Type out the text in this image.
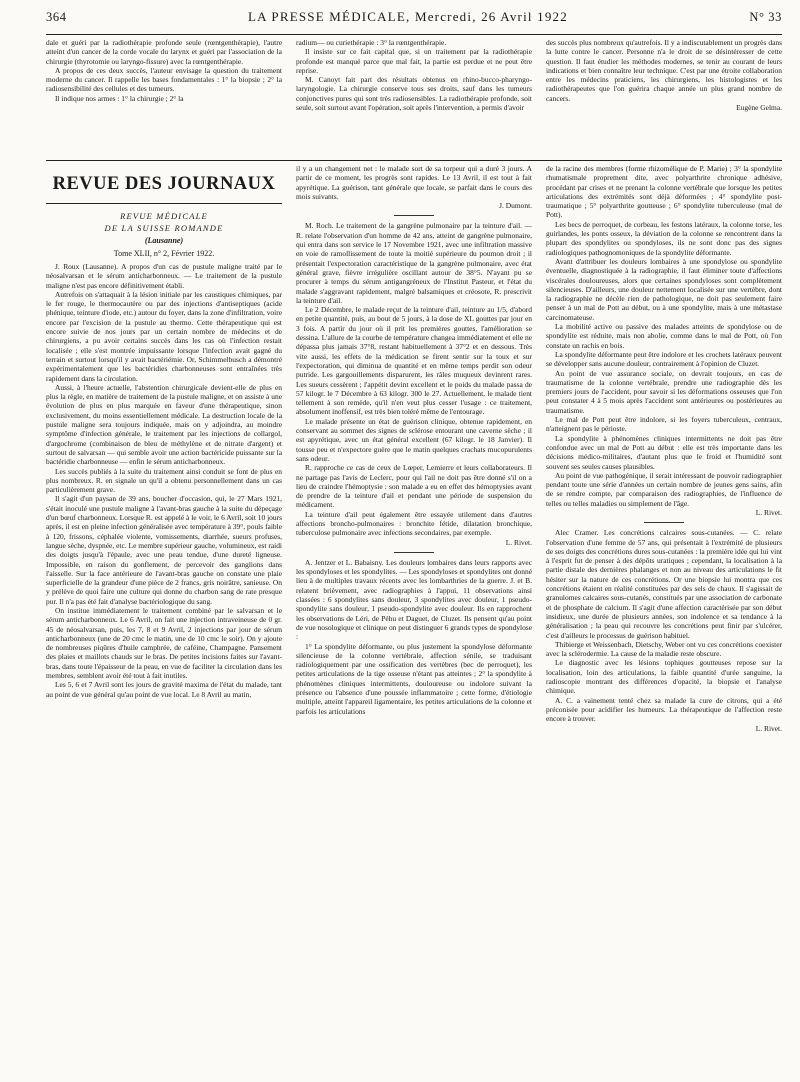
364	LA PRESSE MÉDICALE, Mercredi, 26 Avril 1922	N° 33

dale et guéri par la radiothérapie profonde seule (rœntgenthérapie), l'autre atteint d'un cancer de la corde vocale du larynx et guéri par l'association de la chirurgie (thyrotomie ou laryngo-fissure) avec la rœntgenthérapie.

A propos de ces deux succès, l'auteur envisage la question du traitement moderne du cancer. Il rappelle les bases fondamentales : 1° la biopsie ; 2° la radiosensibilité des cellules et des tumeurs.

Il indique nos armes : 1° la chirurgie ; 2° la

radium— ou curiethérapie : 3° la rœntgenthérapie.

Il insiste sur ce fait capital que, si un traitement par la radiothérapie profonde est manqué parce que mal fait, la partie est perdue et ne peut être reprise.

M. Canoyt fait part des résultats obtenus en rhino-bucco-pharyngo-laryngologie. La chirurgie conserve tous ses droits, sauf dans les tumeurs conjonctives pures qui sont très radiosensibles. La radiothérapie profonde, soit seule, soit surtout avant l'opération, soit après l'intervention, a permis d'avoir

des succès plus nombreux qu'autrefois. Il y a indiscutablement un progrès dans la lutte contre le cancer. Personne n'a le droit de se désintéresser de cette question. Il faut étudier les méthodes modernes, se tenir au courant de leurs indications et bien connaître leur technique. C'est par une étroite collaboration entre les médecins praticiens, les chirurgiens, les histologistes et les radiothérapeutes que l'on guérira chaque année un plus grand nombre de cancers.

Eugène Gelma.

REVUE DES JOURNAUX
REVUE MÉDICALE
DE LA SUISSE ROMANDE
(Lausanne)
Tome XLII, n° 2, Février 1922.

J. Roux (Lausanne). A propos d'un cas de pustule maligne traité par le néosalvarsan et le sérum anticharbonneux. — Le traitement de la pustule maligne n'est pas encore définitivement établi.

Autrefois on s'attaquait à la lésion initiale par les caustiques chimiques, par le fer rouge, le thermocautère ou par des injections d'antiseptiques (acide phénique, teinture d'iode, etc.) autour du foyer, dans la zone d'infiltration, voire encore par l'excision de la pustule au thermo. Cette thérapeutique qui est encore suivie de nos jours par un certain nombre de médecins et de chirurgiens, a pu avoir certains succès dans les cas où l'infection restait localisée ; elle s'est montrée impuissante lorsque l'infection avait gagné du terrain et surtout lorsqu'il y avait bactériémie. Or, Schimmelbusch a démontré expérimentalement que les bactéridies charbonneuses sont entraînées très rapidement dans la circulation.

Aussi, à l'heure actuelle, l'abstention chirurgicale devient-elle de plus en plus la règle, en matière de traitement de la pustule maligne, et on assiste à une évolution de plus en plus marquée en faveur d'une thérapeutique, sinon exclusivement, du moins essentiellement médicale. La destruction locale de la pustule maligne sera toujours indiquée, mais on y adjoindra, au moindre symptôme d'infection générale, le traitement par les injections de collargol, d'argochrome (combinaison de bleu de méthylène et de nitrate d'argent) et surtout de salvarsan — qui semble avoir une action bactéricide puissante sur la bactéridie charbonneuse — enfin le sérum anticharbonneux.

Les succès publiés à la suite du traitement ainsi conduit se font de plus en plus nombreux. R. en signale un qu'il a obtenu personnellement dans un cas particulièrement grave.

Il s'agit d'un paysan de 39 ans, boucher d'occasion, qui, le 27 Mars 1921, s'était inoculé une pustule maligne à l'avant-bras gauche à la suite du dépeçage d'un bœuf charbonneux. Lorsque R. est appelé à le voir, le 6 Avril, soit 10 jours après, il est en pleine infection généralisée avec température à 39°, pouls faible à 120, frissons, céphalée violente, vomissements, diarrhée, sueurs profuses, langue sèche, dyspnée, etc. Le membre supérieur gauche, volumineux, est raidi des doigts jusqu'à l'épaule, avec une peau tendue, d'une dureté ligneuse. Impossible, en raison du gonflement, de percevoir des ganglions dans l'aisselle. Sur la face antérieure de l'avant-bras gauche on constate une plaie superficielle de la grandeur d'une pièce de 2 francs, gris noirâtre, sanieuse. On y prélève de quoi faire une culture qui donne du charbon sang de rate presque pur. Il n'a pas été fait d'analyse bactériologique du sang.

On institue immédiatement le traitement combiné par le salvarsan et le sérum anticharbonneux. Le 6 Avril, on fait une injection intraveineuse de 0 gr. 45 de néosalvarsan, puis, les 7, 8 et 9 Avril, 2 injections par jour de sérum anticharbonneux (une de 20 cmc le matin, une de 10 cmc le soir). On y ajoute de nombreuses piqûres d'huile camphrée, de caféine, Champagne. Pansement des plaies et maillots chauds sur le bras. De petites incisions faites sur l'avant-bras, dans toute l'épaisseur de la peau, en vue de faciliter la circulation dans les membres, semblent avoir été tout à fait inutiles.

Les 5, 6 et 7 Avril sont les jours de gravité maxima de l'état du malade, tant au point de vue général qu'au point de vue local. Le 8 Avril au matin,

il y a un changement net : le malade sort de sa torpeur qui a duré 3 jours. A partir de ce moment, les progrès sont rapides. Le 13 Avril, il est tout à fait apyrétique. La guérison, tant générale que locale, se parfait dans le cours des mois suivants.

J. Dumont.

M. Roch. Le traitement de la gangrène pulmonaire par la teinture d'ail. — R. relate l'observation d'un homme de 42 ans, atteint de gangrène pulmonaire, qui entra dans son service le 17 Novembre 1921, avec une infiltration massive en voie de ramollissement de toute la moitié supérieure du poumon droit ; il présentait l'expectoration caractéristique de la gangrène pulmonaire, avec état général grave, fièvre irrégulière oscillant autour de 38°5. N'ayant pu se procurer à temps du sérum antigangréneux de l'Institut Pasteur, et l'état du malade s'aggravant rapidement, malgré balsamiques et créosote, R. prescrivit la teinture d'ail.

Le 2 Décembre, le malade reçut de la teinture d'ail, teinture au 1/5, d'abord en petite quantité, puis, au bout de 5 jours, à la dose de XL gouttes par jour en 3 fois. A partir du jour où il prit les premières gouttes, l'amélioration se dessina. L'allure de la courbe de température changea immédiatement et elle ne dépassa plus jamais 37°8, restant habituellement à 37°2 et en dessous. Très vite aussi, les effets de la médication se firent sentir sur la toux et sur l'expectoration, qui diminua de quantité et en même temps perdit son odeur putride. Les gargouillements disparurent, les râles muqueux devinrent rares. Les sueurs cessèrent ; l'appétit devint excellent et le poids du malade passa de 57 kilogr. le 7 Décembre à 63 kilogr. 300 le 27. Actuellement, le malade tient tellement à son remède, qu'il n'en veut plus cesser l'usage : ce traitement, absolument inoffensif, est très bien toléré même de l'entourage.

Le malade présente un état de guérison clinique, obtenue rapidement, en conservant au sommet des signes de sclérose entourant une caverne sèche ; il est apyrétique, avec un état général excellent (67 kilogr. le 18 Janvier). Il tousse peu et n'expectore guère que le matin quelques crachats mucopurulents sans odeur.

R. rapproche ce cas de ceux de Lœper, Lemierre et leurs collaborateurs. Il ne partage pas l'avis de Leclerc, pour qui l'ail ne doit pas être donné s'il on a lieu de craindre l'hémoptysie : son malade a eu en effet des hémoptysies avant de prendre de la teinture d'ail et pendant une période de suspension du médicament.

La teinture d'ail peut également être essayée utilement dans d'autres affections broncho-pulmonaires : bronchite fétide, dilatation bronchique, tuberculose pulmonaire avec infections secondaires, par exemple.

L. Rivet.

A. Jentzer et L. Babaisny. Les douleurs lombaires dans leurs rapports avec les spondyloses et les spondylites. — Les spondyloses et spondylites ont donné lieu à de multiples travaux récents avec les lombarthries de la guerre. J. et B. relatent brièvement, avec radiographies à l'appui, 11 observations ainsi classées : 6 spondylites sans douleur, 3 spondylites avec douleur, 1 pseudo-spondylite sans douleur, 1 pseudo-spondylite avec douleur. Ils en rapprochent les observations de Léri, de Péhu et Daguet, de Cluzet. Ils pensent qu'au point de vue nosologique et clinique on peut distinguer 6 grands types de spondylose :

1° La spondylite déformante, ou plus justement la spondylose déformante silencieuse de la colonne vertébrale, affection sénile, se traduisant radiologiquement par une ossification des vertèbres (bec de perroquet), les petites articulations de la tige osseuse n'étant pas atteintes ; 2° la spondylite à phénomènes cliniques intermittents, douloureuse ou indolore suivant la présence ou l'absence d'une poussée inflammatoire ; cette forme, d'étiologie multiple, atteint l'appareil ligamentaire, les petites articulations de la colonne et parfois les articulations

de la racine des membres (forme rhizomélique de P. Marie) ; 3° la spondylite rhumatismale proprement dite, avec polyarthrite chronique adhésive, procédant par crises et ne prenant la colonne vertébrale que lorsque les petites articulations des extrémités sont déjà déformées ; 4° spondylite post-traumatique ; 5° polyarthrite goutteuse ; 6° spondylite tuberculeuse (mal de Pott).

Les becs de perroquet, de corbeau, les festons latéraux, la colonne torse, les guirlandes, les ponts osseux, la déviation de la colonne se rencontrent dans la plupart des spondylites ou spondyloses, ils ne sont donc pas des signes radiologiques pathognomoniques de la spondylite déformante.

Avant d'attribuer les douleurs lombaires à une spondylose ou spondylite éventuelle, diagnostiquée à la radiographie, il faut éliminer toute d'affections viscérales douloureuses, alors que certaines spondyloses sont complètement silencieuses. D'ailleurs, une douleur nettement localisée sur une vertèbre, dont la radiographie ne décèle rien de pathologique, ne doit pas seulement faire penser à un mal de Pott au début, ou à une spondylite, mais à une métastase carcinomateuse.

La mobilité active ou passive des malades atteints de spondylose ou de spondylite est réduite, mais non abolie, comme dans le mal de Pott, où l'on constate un rachis en bois.

La spondylite déformante peut être indolore et les crochets latéraux peuvent se développer sans aucune douleur, contrairement à l'opinion de Cluzet.

Au point de vue assurance sociale, on devrait toujours, en cas de traumatisme de la colonne vertébrale, prendre une radiographie dès les premiers jours de l'accident, pour savoir si les déformations osseuses que l'on peut constater 4 à 5 mois après l'accident sont antérieures ou postérieures au traumatisme.

Le mal de Pott peut être indolore, si les foyers tuberculeux, centraux, n'atteignent pas le périoste.

La spondylite à phénomènes cliniques intermittents ne doit pas être confondue avec un mal de Pott au début : elle est très importante dans les décisions médico-militaires, d'autant plus que le froid et l'humidité sont souvent ses seules causes plausibles.

Au point de vue pathogénique, il serait intéressant de pouvoir radiographier pendant toute une série d'années un certain nombre de jeunes gens sains, afin de se rendre compte, par comparaison des radiographies, de l'influence de telles ou telles maladies ou simplement de l'âge.

L. Rivet.

Alec Cramer. Les concrétions calcaires sous-cutanées. — C. relate l'observation d'une femme de 57 ans, qui présentait à l'extrémité de plusieurs de ses doigts des concrétions dures sous-cutanées : la première idée qui lui vint à l'esprit fut de penser à des dépôts uratiques ; cependant, la localisation à la partie distale des dernières phalanges et non au niveau des articulations le fit hésiter sur la nature de ces concrétions. Or une biopsie lui montra que ces concrétions étaient en réalité constituées par des sels de chaux. Il s'agissait de granulomes calcaires sous-cutanés, constitués par une association de carbonate et de phosphate de calcium. Il s'agit d'une affection caractérisée par son début insidieux, une durée de plusieurs années, son indolence et sa tendance à la généralisation ; la peau qui recouvre les concrétions peut finir par s'ulcérer, c'est d'ailleurs le processus de guérison habituel.

Thibierge et Weissenbach, Dietschy, Weber ont vu ces concrétions coexister avec la sclérodermie. La cause de la maladie reste obscure.

Le diagnostic avec les lésions tophiques goutteuses repose sur la localisation, loin des articulations, la faible quantité d'urée sanguine, la radioscopie montrant des différences d'opacité, la biopsie et l'analyse chimique.

A. C. a vainement tenté chez sa malade la cure de citrons, qui a été préconisée pour acidifier les humeurs. La thérapeutique de l'affection reste encore à trouver.

L. Rivet.
